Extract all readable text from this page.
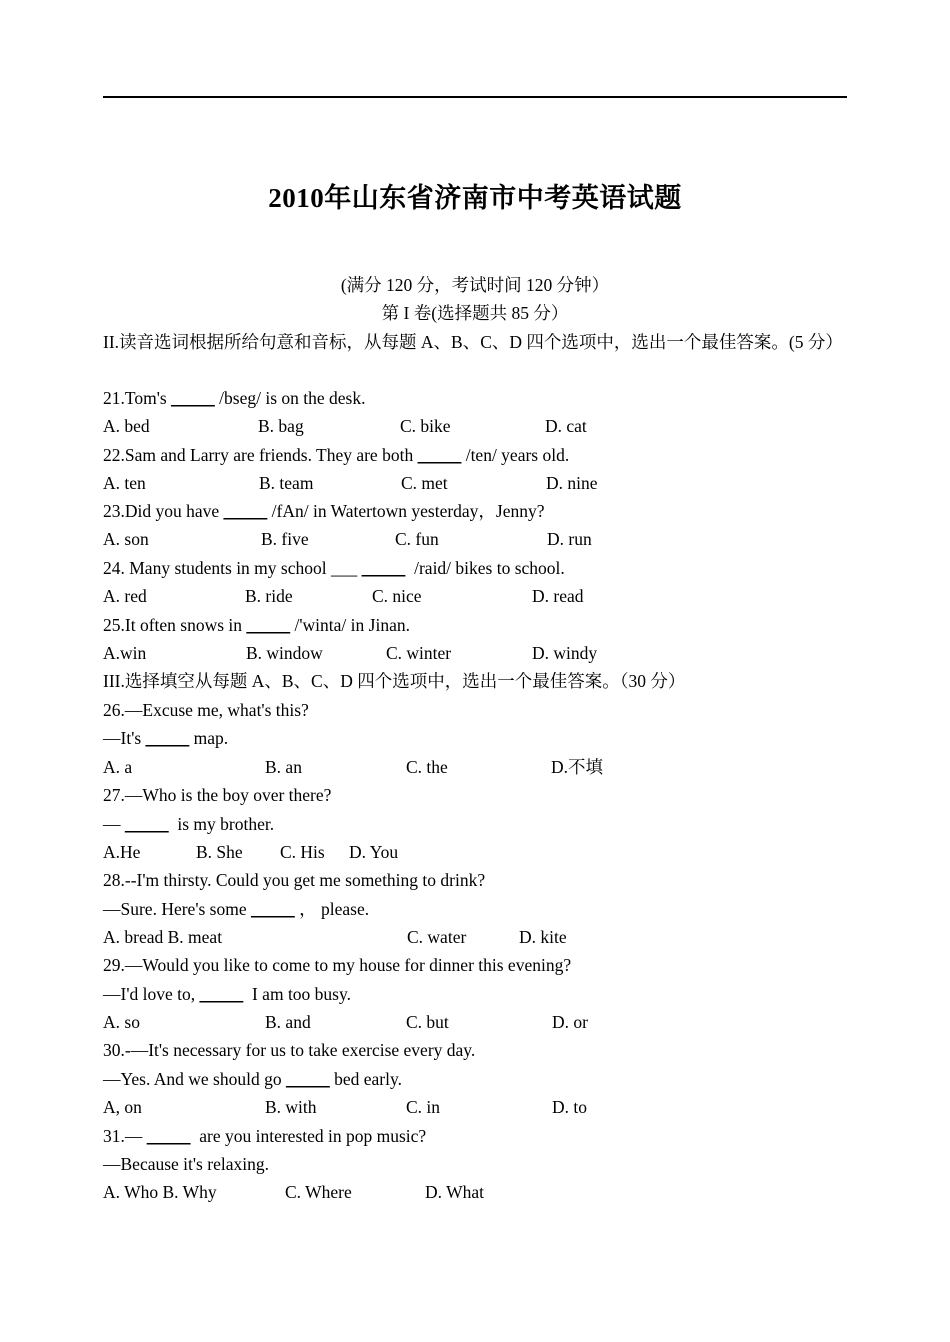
2010年山东省济南市中考英语试题
(满分 120 分，考试时间 120 分钟）
第 I 卷(选择题共 85 分）
II.读音选词根据所给句意和音标，从每题 A、B、C、D 四个选项中，选出一个最佳答案。(5 分）
21.Tom's _____ /bseg/ is on the desk.
A. bed	B. bag	C. bike	D. cat
22.Sam and Larry are friends. They are both _____ /ten/ years old.
A. ten	B. team	C. met	D. nine
23.Did you have _____ /fAn/ in Watertown yesterday，Jenny?
A. son	B. five	C. fun	D. run
24. Many students in my school ___ _____  /raid/ bikes to school.
A. red	B. ride	C. nice	D. read
25.It often snows in _____ /'winta/ in Jinan.
A.win	B. window	C. winter	D. windy
III.选择填空从每题 A、B、C、D 四个选项中，选出一个最佳答案。（30 分）
26.—Excuse me, what's this?
—It's _____ map.
A. a	B. an	C. the	D.不填
27.—Who is the boy over there?
— _____  is my brother.
A.He	B. She C. His D. You
28.--I'm thirsty. Could you get me something to drink?
—Sure. Here's some _____ ， please.
A. bread B. meat	C. water	D. kite
29.—Would you like to come to my house for dinner this evening?
—I'd love to, _____  I am too busy.
A. so	B. and	C. but	D. or
30.-—It's necessary for us to take exercise every day.
—Yes. And we should go _____ bed early.
A, on	B. with	C. in	D. to
31.— _____  are you interested in pop music?
—Because it's relaxing.
A. Who B. Why	C. Where	D. What
